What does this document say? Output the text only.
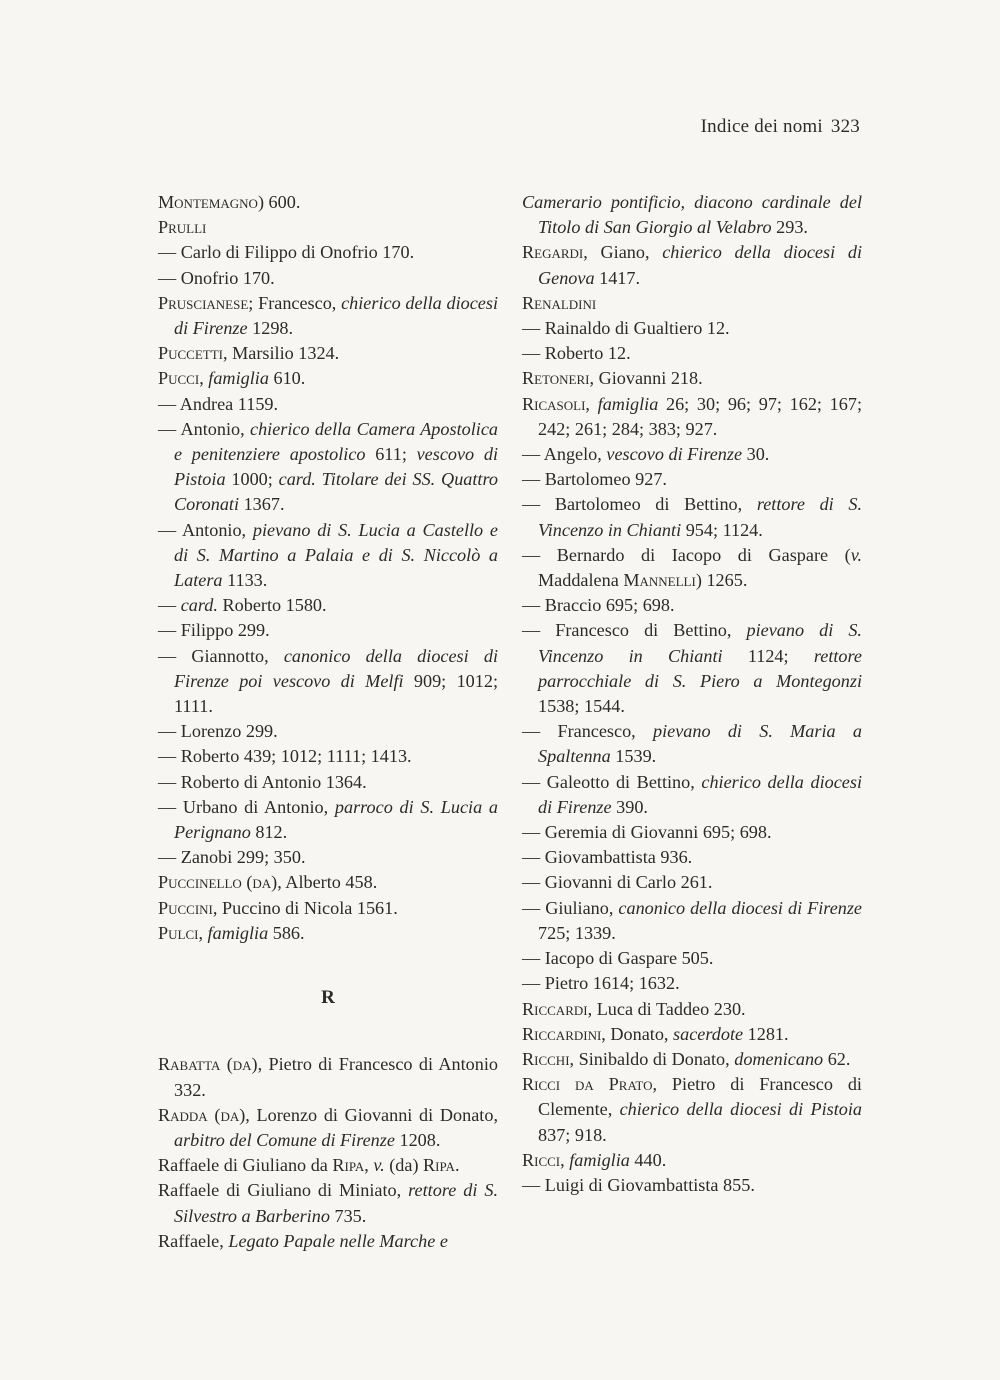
Indice dei nomi 323
Montemagno) 600.
Prulli
— Carlo di Filippo di Onofrio 170.
— Onofrio 170.
Pruscianese; Francesco, chierico della diocesi di Firenze 1298.
Puccetti, Marsilio 1324.
Pucci, famiglia 610.
— Andrea 1159.
— Antonio, chierico della Camera Apostolica e penitenziere apostolico 611; vescovo di Pistoia 1000; card. Titolare dei SS. Quattro Coronati 1367.
— Antonio, pievano di S. Lucia a Castello e di S. Martino a Palaia e di S. Niccolò a Latera 1133.
— card. Roberto 1580.
— Filippo 299.
— Giannotto, canonico della diocesi di Firenze poi vescovo di Melfi 909; 1012; 1111.
— Lorenzo 299.
— Roberto 439; 1012; 1111; 1413.
— Roberto di Antonio 1364.
— Urbano di Antonio, parroco di S. Lucia a Perignano 812.
— Zanobi 299; 350.
Puccinello (da), Alberto 458.
Puccini, Puccino di Nicola 1561.
Pulci, famiglia 586.
R
Rabatta (da), Pietro di Francesco di Antonio 332.
Radda (da), Lorenzo di Giovanni di Donato, arbitro del Comune di Firenze 1208.
Raffaele di Giuliano da Ripa, v. (da) Ripa.
Raffaele di Giuliano di Miniato, rettore di S. Silvestro a Barberino 735.
Raffaele, Legato Papale nelle Marche e
Camerario pontificio, diacono cardinale del Titolo di San Giorgio al Velabro 293.
Regardi, Giano, chierico della diocesi di Genova 1417.
Renaldini
— Rainaldo di Gualtiero 12.
— Roberto 12.
Retoneri, Giovanni 218.
Ricasoli, famiglia 26; 30; 96; 97; 162; 167; 242; 261; 284; 383; 927.
— Angelo, vescovo di Firenze 30.
— Bartolomeo 927.
— Bartolomeo di Bettino, rettore di S. Vincenzo in Chianti 954; 1124.
— Bernardo di Iacopo di Gaspare (v. Maddalena Mannelli) 1265.
— Braccio 695; 698.
— Francesco di Bettino, pievano di S. Vincenzo in Chianti 1124; rettore parrocchiale di S. Piero a Montegonzi 1538; 1544.
— Francesco, pievano di S. Maria a Spaltenna 1539.
— Galeotto di Bettino, chierico della diocesi di Firenze 390.
— Geremia di Giovanni 695; 698.
— Giovambattista 936.
— Giovanni di Carlo 261.
— Giuliano, canonico della diocesi di Firenze 725; 1339.
— Iacopo di Gaspare 505.
— Pietro 1614; 1632.
Riccardi, Luca di Taddeo 230.
Riccardini, Donato, sacerdote 1281.
Ricchi, Sinibaldo di Donato, domenicano 62.
Ricci da Prato, Pietro di Francesco di Clemente, chierico della diocesi di Pistoia 837; 918.
Ricci, famiglia 440.
— Luigi di Giovambattista 855.
